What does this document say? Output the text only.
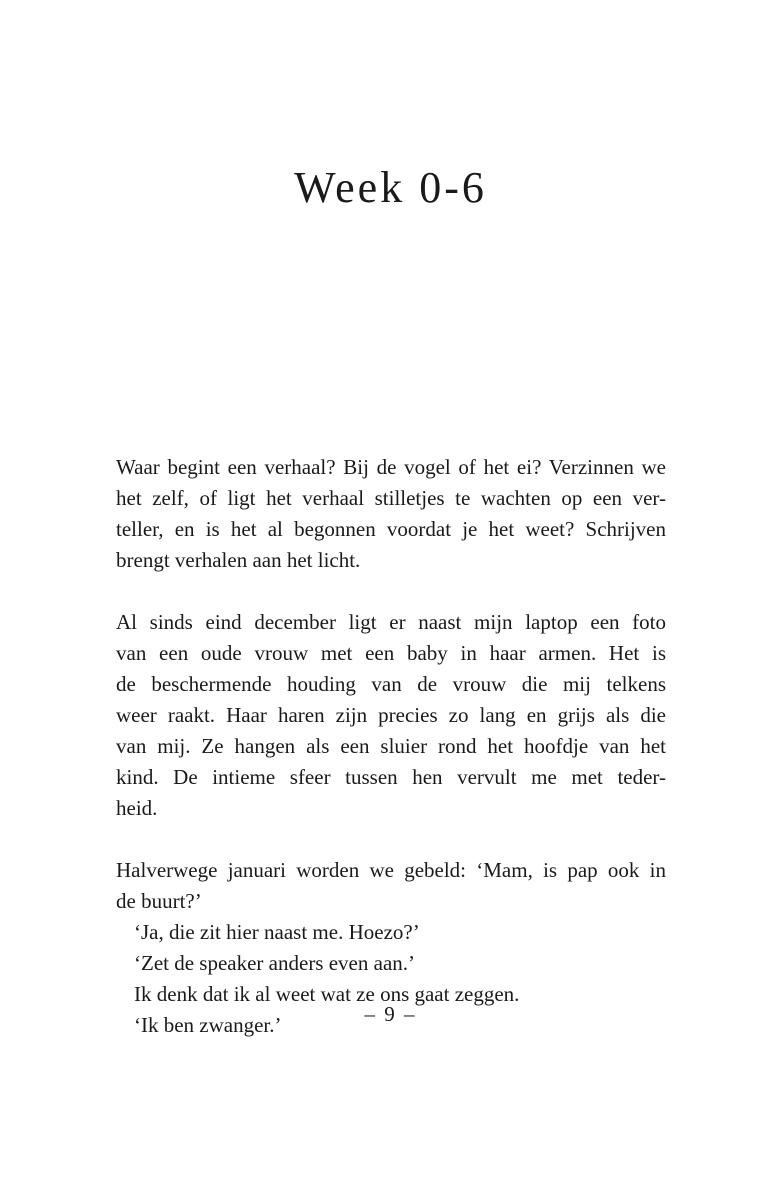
Week 0-6

Waar begint een verhaal? Bij de vogel of het ei? Verzinnen we
het zelf, of ligt het verhaal stilletjes te wachten op een ver-
teller, en is het al begonnen voordat je het weet? Schrijven
brengt verhalen aan het licht.

Al sinds eind december ligt er naast mijn laptop een foto
van een oude vrouw met een baby in haar armen. Het is
de beschermende houding van de vrouw die mij telkens
weer raakt. Haar haren zijn precies zo lang en grijs als die
van mij. Ze hangen als een sluier rond het hoofdje van het
kind. De intieme sfeer tussen hen vervult me met teder-
heid.

Halverwege januari worden we gebeld: ‘Mam, is pap ook in
de buurt?’
‘Ja, die zit hier naast me. Hoezo?’
‘Zet de speaker anders even aan.’
Ik denk dat ik al weet wat ze ons gaat zeggen.
‘Ik ben zwanger.’	– 9 –
